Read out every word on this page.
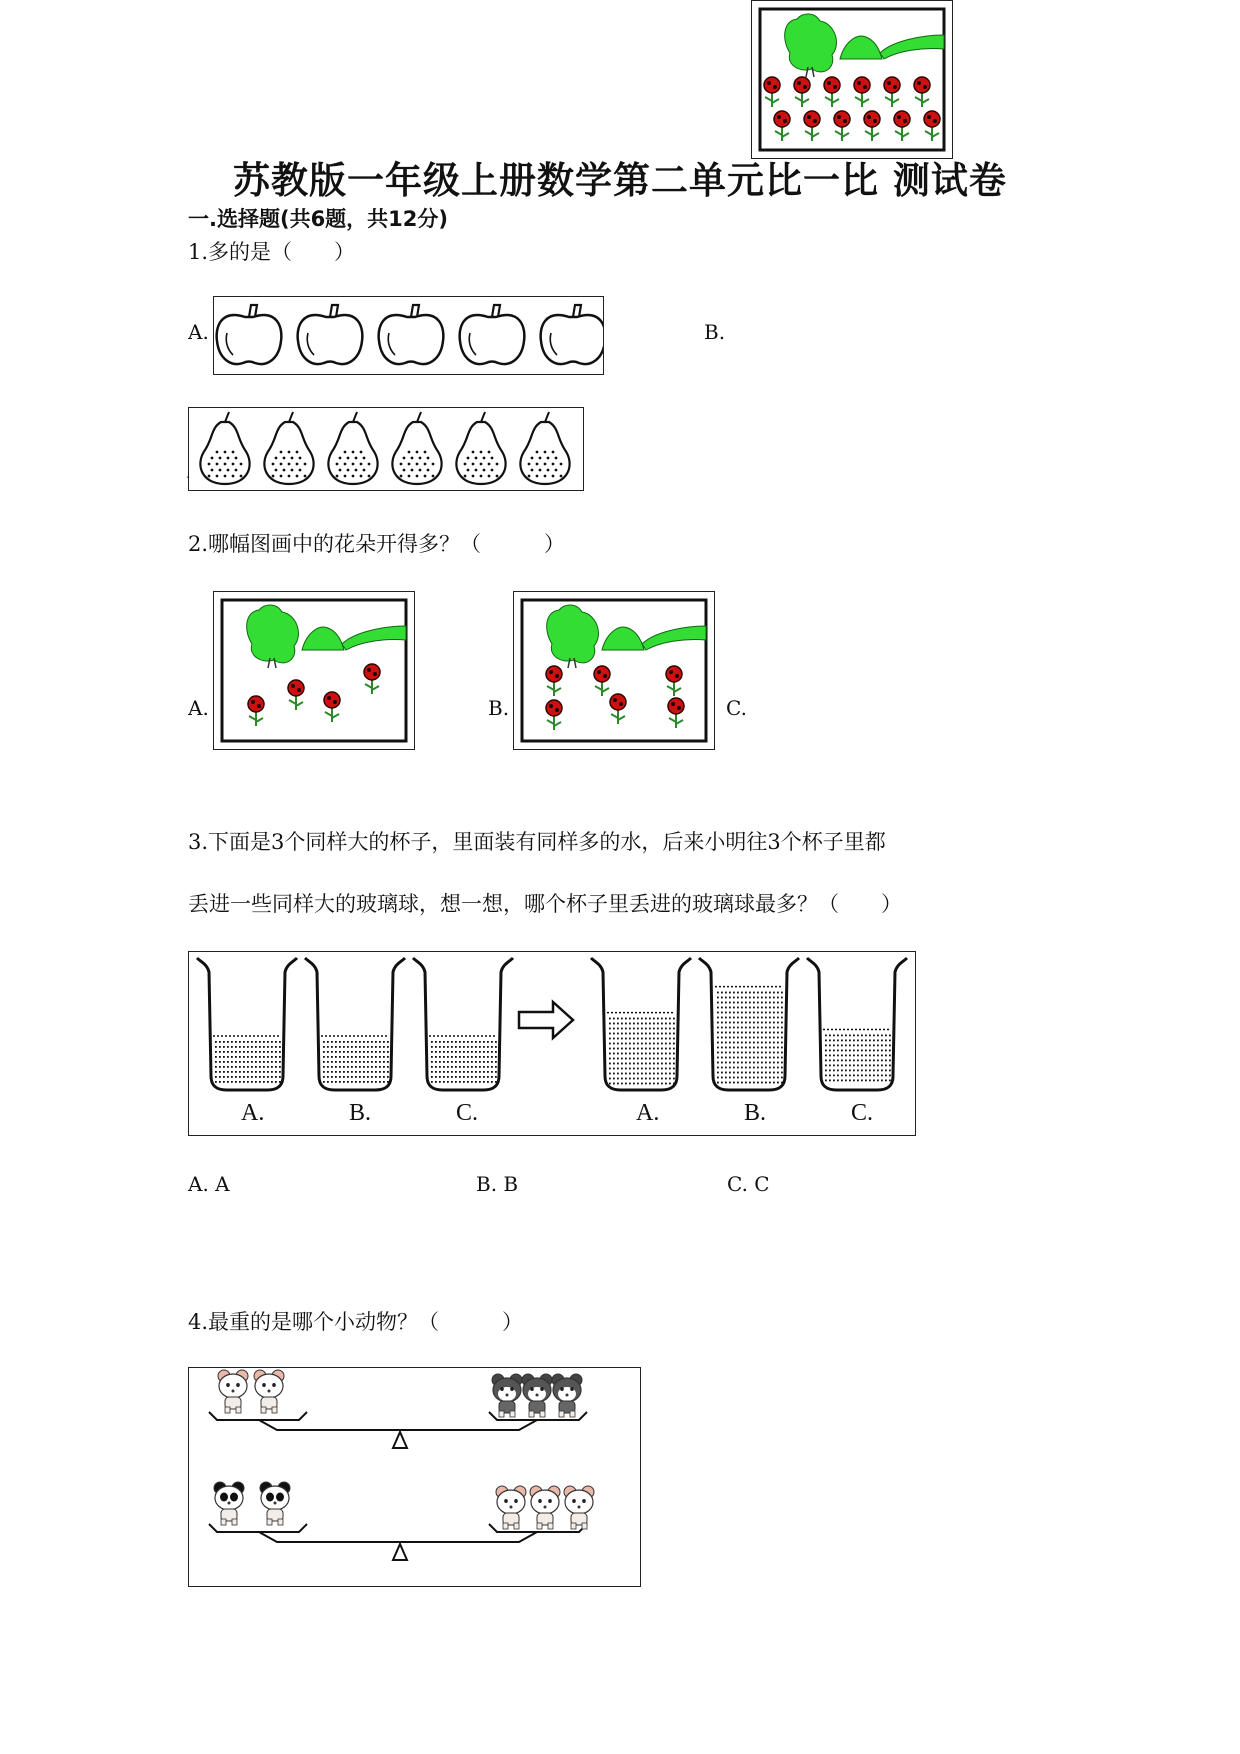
苏教版一年级上册数学第二单元比一比 测试卷
一.选择题(共6题，共12分)
1.多的是（　　）
A.	B.
.
2.哪幅图画中的花朵开得多？（　　　）
A.	B.	C.
3.下面是3个同样大的杯子，里面装有同样多的水，后来小明往3个杯子里都
丢进一些同样大的玻璃球，想一想，哪个杯子里丢进的玻璃球最多？（　　）
A.	B.	C.	A.	B.	C.
A. A	B. B	C. C
4.最重的是哪个小动物？（　　　）
